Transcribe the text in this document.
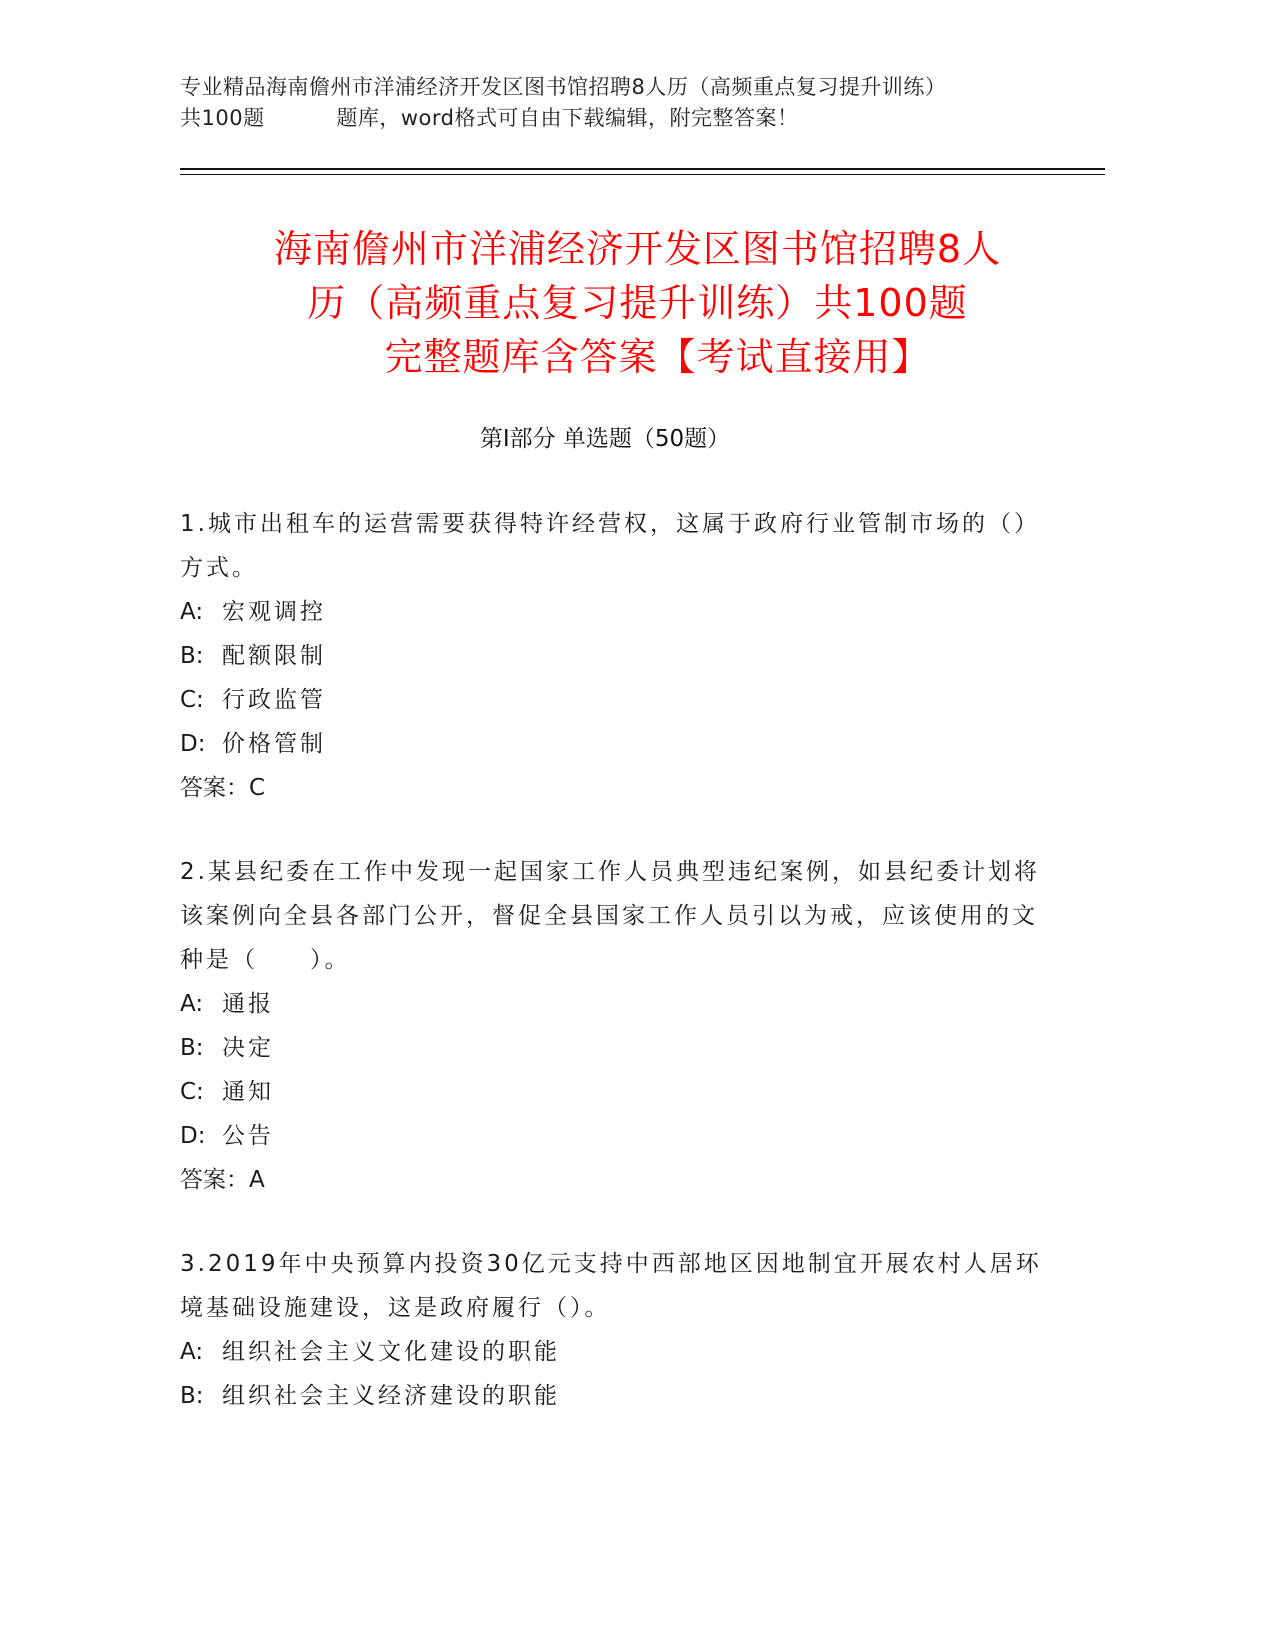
专业精品海南儋州市洋浦经济开发区图书馆招聘8人历（高频重点复习提升训练）
共100题          题库，word格式可自由下载编辑，附完整答案！
海南儋州市洋浦经济开发区图书馆招聘8人
历（高频重点复习提升训练）共100题
完整题库含答案【考试直接用】
第Ⅰ部分 单选题（50题）
1.城市出租车的运营需要获得特许经营权，这属于政府行业管制市场的（）方式。
A: 宏观调控
B: 配额限制
C: 行政监管
D: 价格管制
答案：C
2.某县纪委在工作中发现一起国家工作人员典型违纪案例，如县纪委计划将该案例向全县各部门公开，督促全县国家工作人员引以为戒，应该使用的文种是（　　）。
A: 通报
B: 决定
C: 通知
D: 公告
答案：A
3.2019年中央预算内投资30亿元支持中西部地区因地制宜开展农村人居环境基础设施建设，这是政府履行（）。
A: 组织社会主义文化建设的职能
B: 组织社会主义经济建设的职能
